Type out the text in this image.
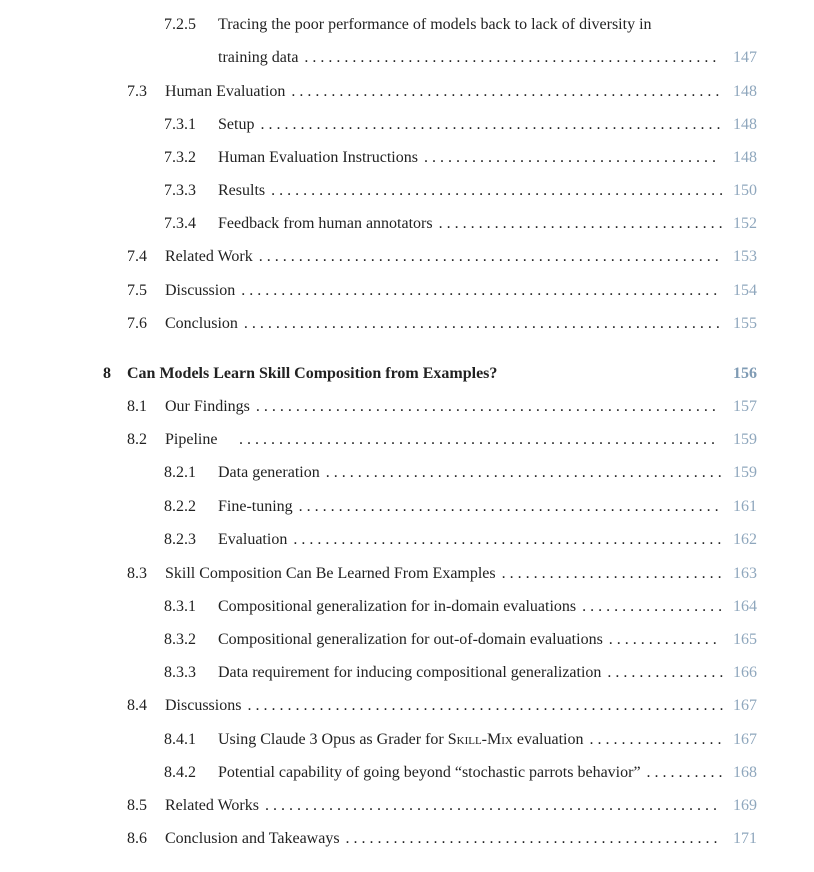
7.2.5	Tracing the poor performance of models back to lack of diversity in
training data . . . . . . . . . . . . . . . . . . . . . . . . . . . . . . . . . . . . . . . . . . . . . . . . . . . .	147
7.3	Human Evaluation . . . . . . . . . . . . . . . . . . . . . . . . . . . . . . . . . . . . . . . . . . . . . . . . . . . . . . 148
7.3.1	Setup . . . . . . . . . . . . . . . . . . . . . . . . . . . . . . . . . . . . . . . . . . . . . . . . . . . . . . . . . . 148
7.3.2	Human Evaluation Instructions . . . . . . . . . . . . . . . . . . . . . . . . . . . . . . . . . . . . .	148
7.3.3	Results . . . . . . . . . . . . . . . . . . . . . . . . . . . . . . . . . . . . . . . . . . . . . . . . . . . . . . . . . 150
7.3.4	Feedback from human annotators . . . . . . . . . . . . . . . . . . . . . . . . . . . . . . . . . . . . 152
7.4	Related Work . . . . . . . . . . . . . . . . . . . . . . . . . . . . . . . . . . . . . . . . . . . . . . . . . . . . . . . . . . 153
7.5	Discussion . . . . . . . . . . . . . . . . . . . . . . . . . . . . . . . . . . . . . . . . . . . . . . . . . . . . . . . . . . . . 154
7.6	Conclusion . . . . . . . . . . . . . . . . . . . . . . . . . . . . . . . . . . . . . . . . . . . . . . . . . . . . . . . . . . . . 155
8	Can Models Learn Skill Composition from Examples?	156
8.1	Our Findings . . . . . . . . . . . . . . . . . . . . . . . . . . . . . . . . . . . . . . . . . . . . . . . . . . . . . . . . . .	157
8.2	Pipeline	. . . . . . . . . . . . . . . . . . . . . . . . . . . . . . . . . . . . . . . . . . . . . . . . . . . . . . . . . . . .	159
8.2.1	Data generation . . . . . . . . . . . . . . . . . . . . . . . . . . . . . . . . . . . . . . . . . . . . . . . . . . 159
8.2.2	Fine-tuning . . . . . . . . . . . . . . . . . . . . . . . . . . . . . . . . . . . . . . . . . . . . . . . . . . . . . 161
8.2.3	Evaluation . . . . . . . . . . . . . . . . . . . . . . . . . . . . . . . . . . . . . . . . . . . . . . . . . . . . . . 162
8.3	Skill Composition Can Be Learned From Examples . . . . . . . . . . . . . . . . . . . . . . . . . . . . 163
8.3.1	Compositional generalization for in-domain evaluations . . . . . . . . . . . . . . . . . . 164
8.3.2	Compositional generalization for out-of-domain evaluations . . . . . . . . . . . . . .	165
8.3.3	Data requirement for inducing compositional generalization . . . . . . . . . . . . . . . 166
8.4	Discussions . . . . . . . . . . . . . . . . . . . . . . . . . . . . . . . . . . . . . . . . . . . . . . . . . . . . . . . . . . . . 167
8.4.1	Using Claude 3 Opus as Grader for Skill-Mix evaluation . . . . . . . . . . . . . . . . . 167
8.4.2	Potential capability of going beyond “stochastic parrots behavior” . . . . . . . . . . 168
8.5	Related Works . . . . . . . . . . . . . . . . . . . . . . . . . . . . . . . . . . . . . . . . . . . . . . . . . . . . . . . . .	169
8.6	Conclusion and Takeaways . . . . . . . . . . . . . . . . . . . . . . . . . . . . . . . . . . . . . . . . . . . . . . . 171
